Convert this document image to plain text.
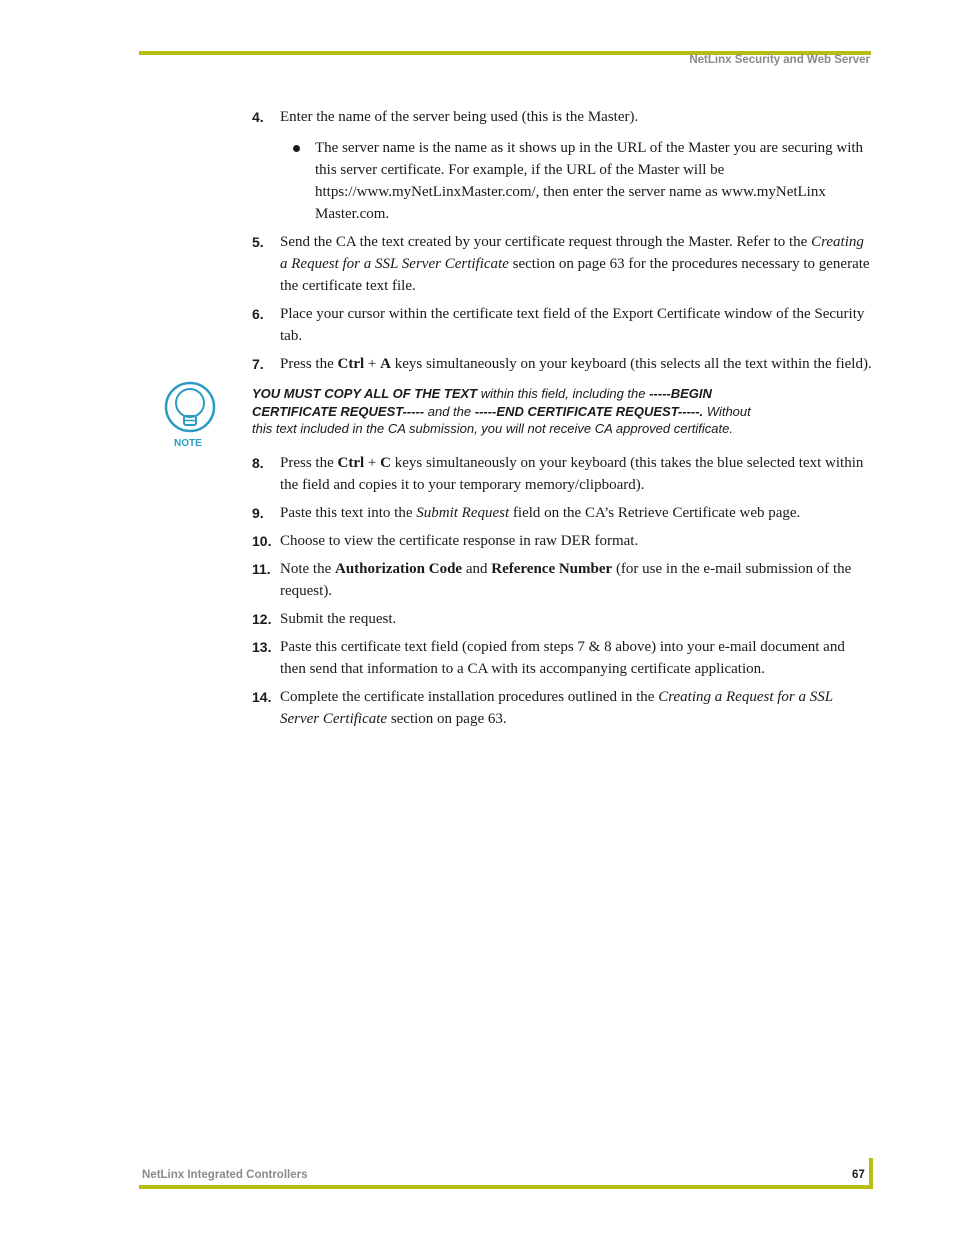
NetLinx Security and Web Server
4. Enter the name of the server being used (this is the Master).
The server name is the name as it shows up in the URL of the Master you are securing with this server certificate. For example, if the URL of the Master will be https://www.myNetLinxMaster.com/, then enter the server name as www.myNetLinx Master.com.
5. Send the CA the text created by your certificate request through the Master. Refer to the Creating a Request for a SSL Server Certificate section on page 63 for the procedures necessary to generate the certificate text file.
6. Place your cursor within the certificate text field of the Export Certificate window of the Security tab.
7. Press the Ctrl + A keys simultaneously on your keyboard (this selects all the text within the field).
NOTE
YOU MUST COPY ALL OF THE TEXT within this field, including the -----BEGIN CERTIFICATE REQUEST----- and the -----END CERTIFICATE REQUEST-----. Without this text included in the CA submission, you will not receive CA approved certificate.
8. Press the Ctrl + C keys simultaneously on your keyboard (this takes the blue selected text within the field and copies it to your temporary memory/clipboard).
9. Paste this text into the Submit Request field on the CA’s Retrieve Certificate web page.
10. Choose to view the certificate response in raw DER format.
11. Note the Authorization Code and Reference Number (for use in the e-mail submission of the request).
12. Submit the request.
13. Paste this certificate text field (copied from steps 7 & 8 above) into your e-mail document and then send that information to a CA with its accompanying certificate application.
14. Complete the certificate installation procedures outlined in the Creating a Request for a SSL Server Certificate section on page 63.
NetLinx Integrated Controllers	67
